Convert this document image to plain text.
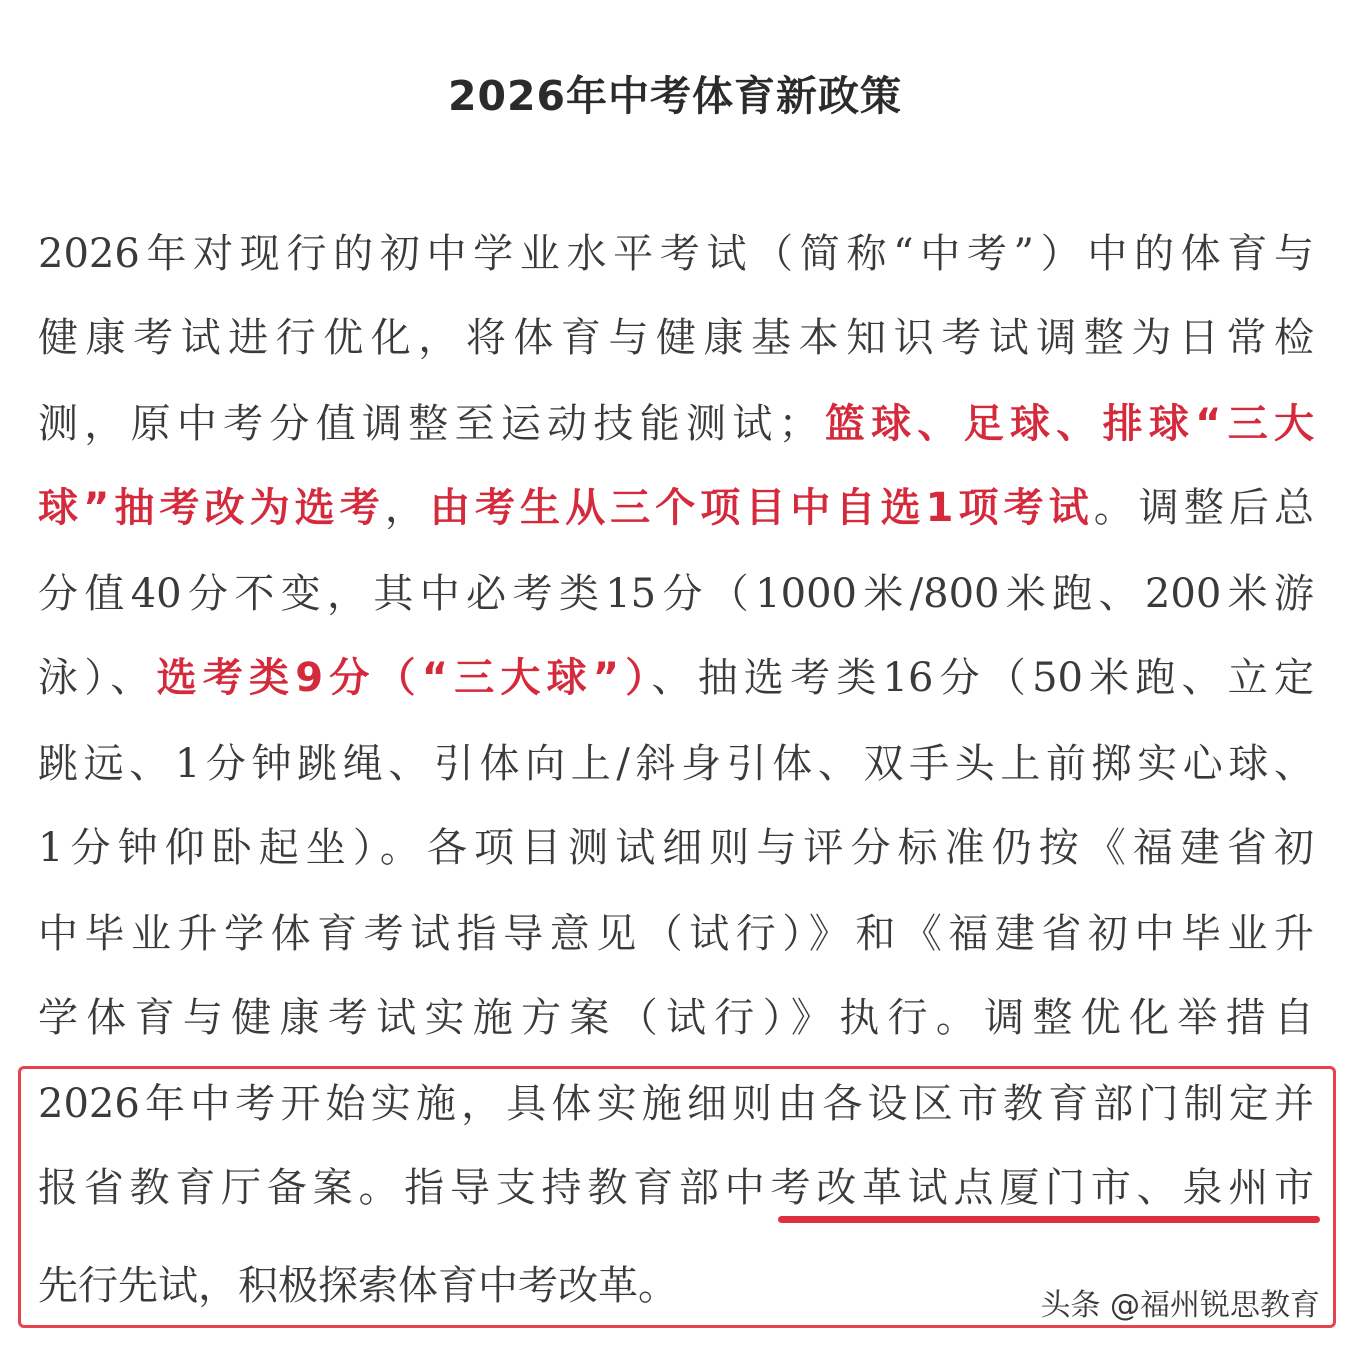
2026年中考体育新政策
2026年对现行的初中学业水平考试（简称“中考”）中的体育与
健康考试进行优化，将体育与健康基本知识考试调整为日常检
测，原中考分值调整至运动技能测试；篮球、足球、排球“三大
球”抽考改为选考，由考生从三个项目中自选1项考试。调整后总
分值40分不变，其中必考类15分（1000米/800米跑、200米游
泳）、选考类9分（“三大球”）、抽选考类16分（50米跑、立定
跳远、1分钟跳绳、引体向上/斜身引体、双手头上前掷实心球、
1分钟仰卧起坐）。各项目测试细则与评分标准仍按《福建省初
中毕业升学体育考试指导意见（试行）》和《福建省初中毕业升
学体育与健康考试实施方案（试行）》执行。调整优化举措自
2026年中考开始实施，具体实施细则由各设区市教育部门制定并
报省教育厅备案。指导支持教育部中考改革试点厦门市、泉州市
先行先试，积极探索体育中考改革。	头条 @福州锐思教育
